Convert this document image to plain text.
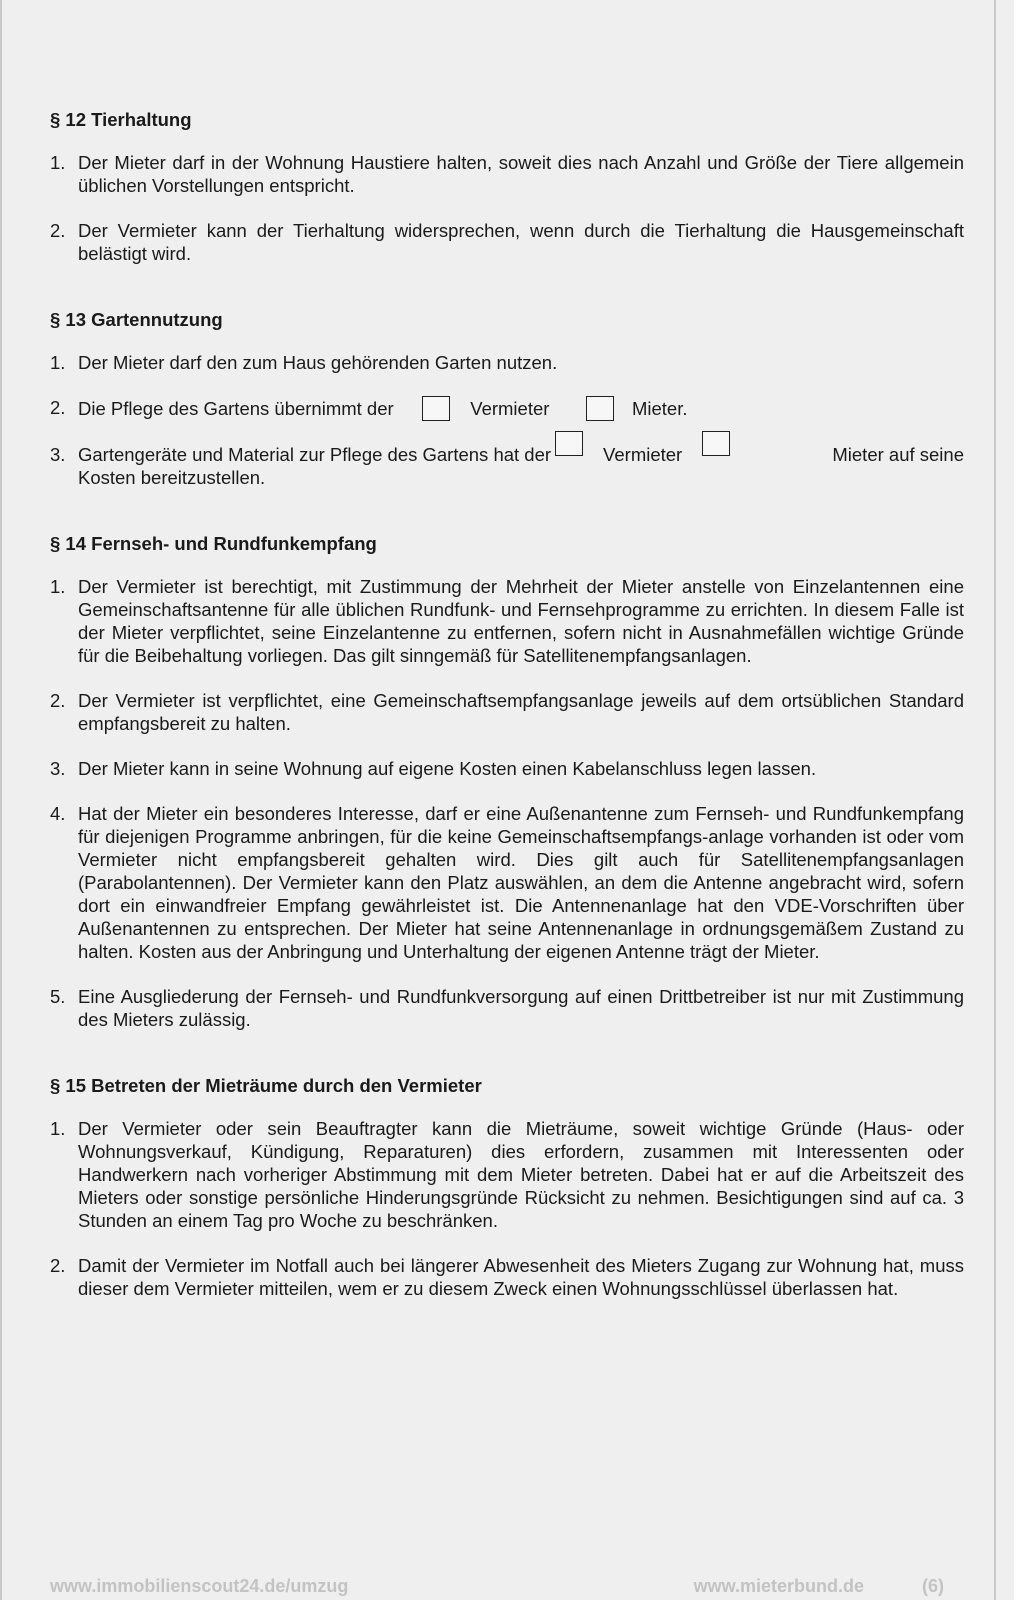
§ 12 Tierhaltung
1. Der Mieter darf in der Wohnung Haustiere halten, soweit dies nach Anzahl und Größe der Tiere allgemein üblichen Vorstellungen entspricht.
2. Der Vermieter kann der Tierhaltung widersprechen, wenn durch die Tierhaltung die Hausgemeinschaft belästigt wird.
§ 13 Gartennutzung
1. Der Mieter darf den zum Haus gehörenden Garten nutzen.
2. Die Pflege des Gartens übernimmt der	Vermieter	Mieter.
3. Gartengeräte und Material zur Pflege des Gartens hat der	Vermieter	Mieter auf seine
Kosten bereitzustellen.
§ 14 Fernseh- und Rundfunkempfang
1. Der Vermieter ist berechtigt, mit Zustimmung der Mehrheit der Mieter anstelle von Einzelantennen eine Gemeinschaftsantenne für alle üblichen Rundfunk- und Fernsehprogramme zu errichten. In diesem Falle ist der Mieter verpflichtet, seine Einzelantenne zu entfernen, sofern nicht in Ausnahmefällen wichtige Gründe für die Beibehaltung vorliegen. Das gilt sinngemäß für Satellitenempfangsanlagen.
2. Der Vermieter ist verpflichtet, eine Gemeinschaftsempfangsanlage jeweils auf dem ortsüblichen Standard empfangsbereit zu halten.
3. Der Mieter kann in seine Wohnung auf eigene Kosten einen Kabelanschluss legen lassen.
4. Hat der Mieter ein besonderes Interesse, darf er eine Außenantenne zum Fernseh- und Rundfunkempfang für diejenigen Programme anbringen, für die keine Gemeinschaftsempfangs-anlage vorhanden ist oder vom Vermieter nicht empfangsbereit gehalten wird. Dies gilt auch für Satellitenempfangsanlagen (Parabolantennen). Der Vermieter kann den Platz auswählen, an dem die Antenne angebracht wird, sofern dort ein einwandfreier Empfang gewährleistet ist. Die Antennenanlage hat den VDE-Vorschriften über Außenantennen zu entsprechen. Der Mieter hat seine Antennenanlage in ordnungsgemäßem Zustand zu halten. Kosten aus der Anbringung und Unterhaltung der eigenen Antenne trägt der Mieter.
5. Eine Ausgliederung der Fernseh- und Rundfunkversorgung auf einen Drittbetreiber ist nur mit Zustimmung des Mieters zulässig.
§ 15 Betreten der Mieträume durch den Vermieter
1. Der Vermieter oder sein Beauftragter kann die Mieträume, soweit wichtige Gründe (Haus- oder Wohnungsverkauf, Kündigung, Reparaturen) dies erfordern, zusammen mit Interessenten oder Handwerkern nach vorheriger Abstimmung mit dem Mieter betreten. Dabei hat er auf die Arbeitszeit des Mieters oder sonstige persönliche Hinderungsgründe Rücksicht zu nehmen. Besichtigungen sind auf ca. 3 Stunden an einem Tag pro Woche zu beschränken.
2. Damit der Vermieter im Notfall auch bei längerer Abwesenheit des Mieters Zugang zur Wohnung hat, muss dieser dem Vermieter mitteilen, wem er zu diesem Zweck einen Wohnungsschlüssel überlassen hat.
www.immobilienscout24.de/umzug	www.mieterbund.de	(6)
